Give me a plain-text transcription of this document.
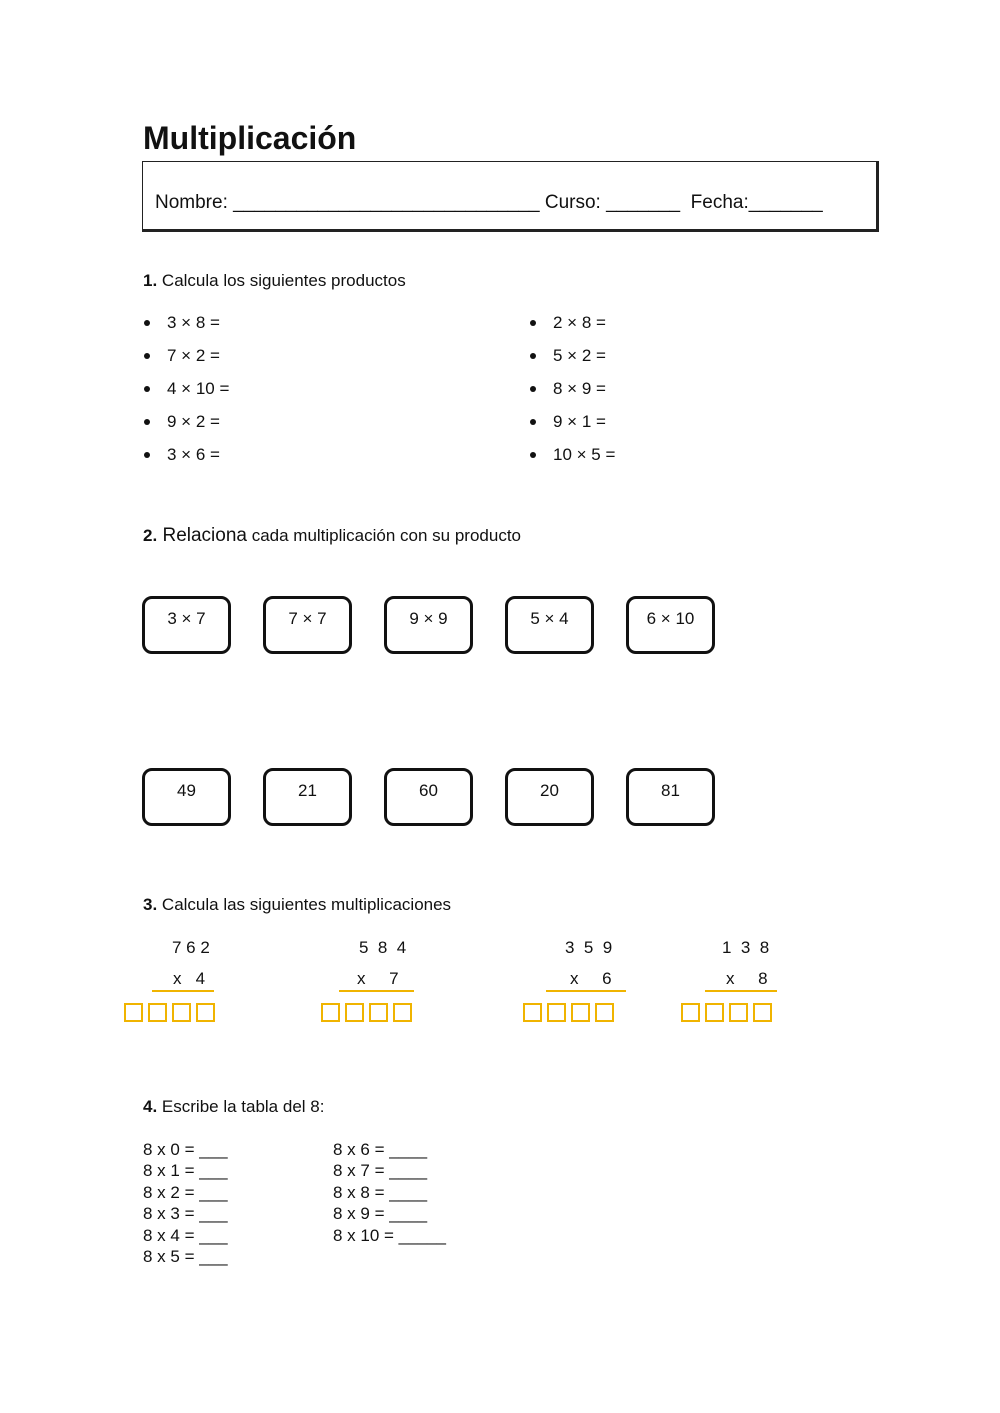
Multiplicación
Nombre: _____________________________ Curso: _______  Fecha:_______
1. Calcula los siguientes productos
3 × 8 =
7 × 2 =
4 × 10 =
9 × 2 =
3 × 6 =
2 × 8 =
5 × 2 =
8 × 9 =
9 × 1 =
10 × 5 =
2. Relaciona cada multiplicación con su producto
3 × 7	7 × 7	9 × 9	5 × 4	6 × 10
49	21	60	20	81
3. Calcula las siguientes multiplicaciones
7 6 2
x   4
5  8  4
x     7
3  5  9
x     6
1  3  8
x     8
4. Escribe la tabla del 8:
8 x 0 = ___
8 x 1 = ___
8 x 2 = ___
8 x 3 = ___
8 x 4 = ___
8 x 5 = ___
8 x 6 = ____
8 x 7 = ____
8 x 8 = ____
8 x 9 = ____
8 x 10 = _____
